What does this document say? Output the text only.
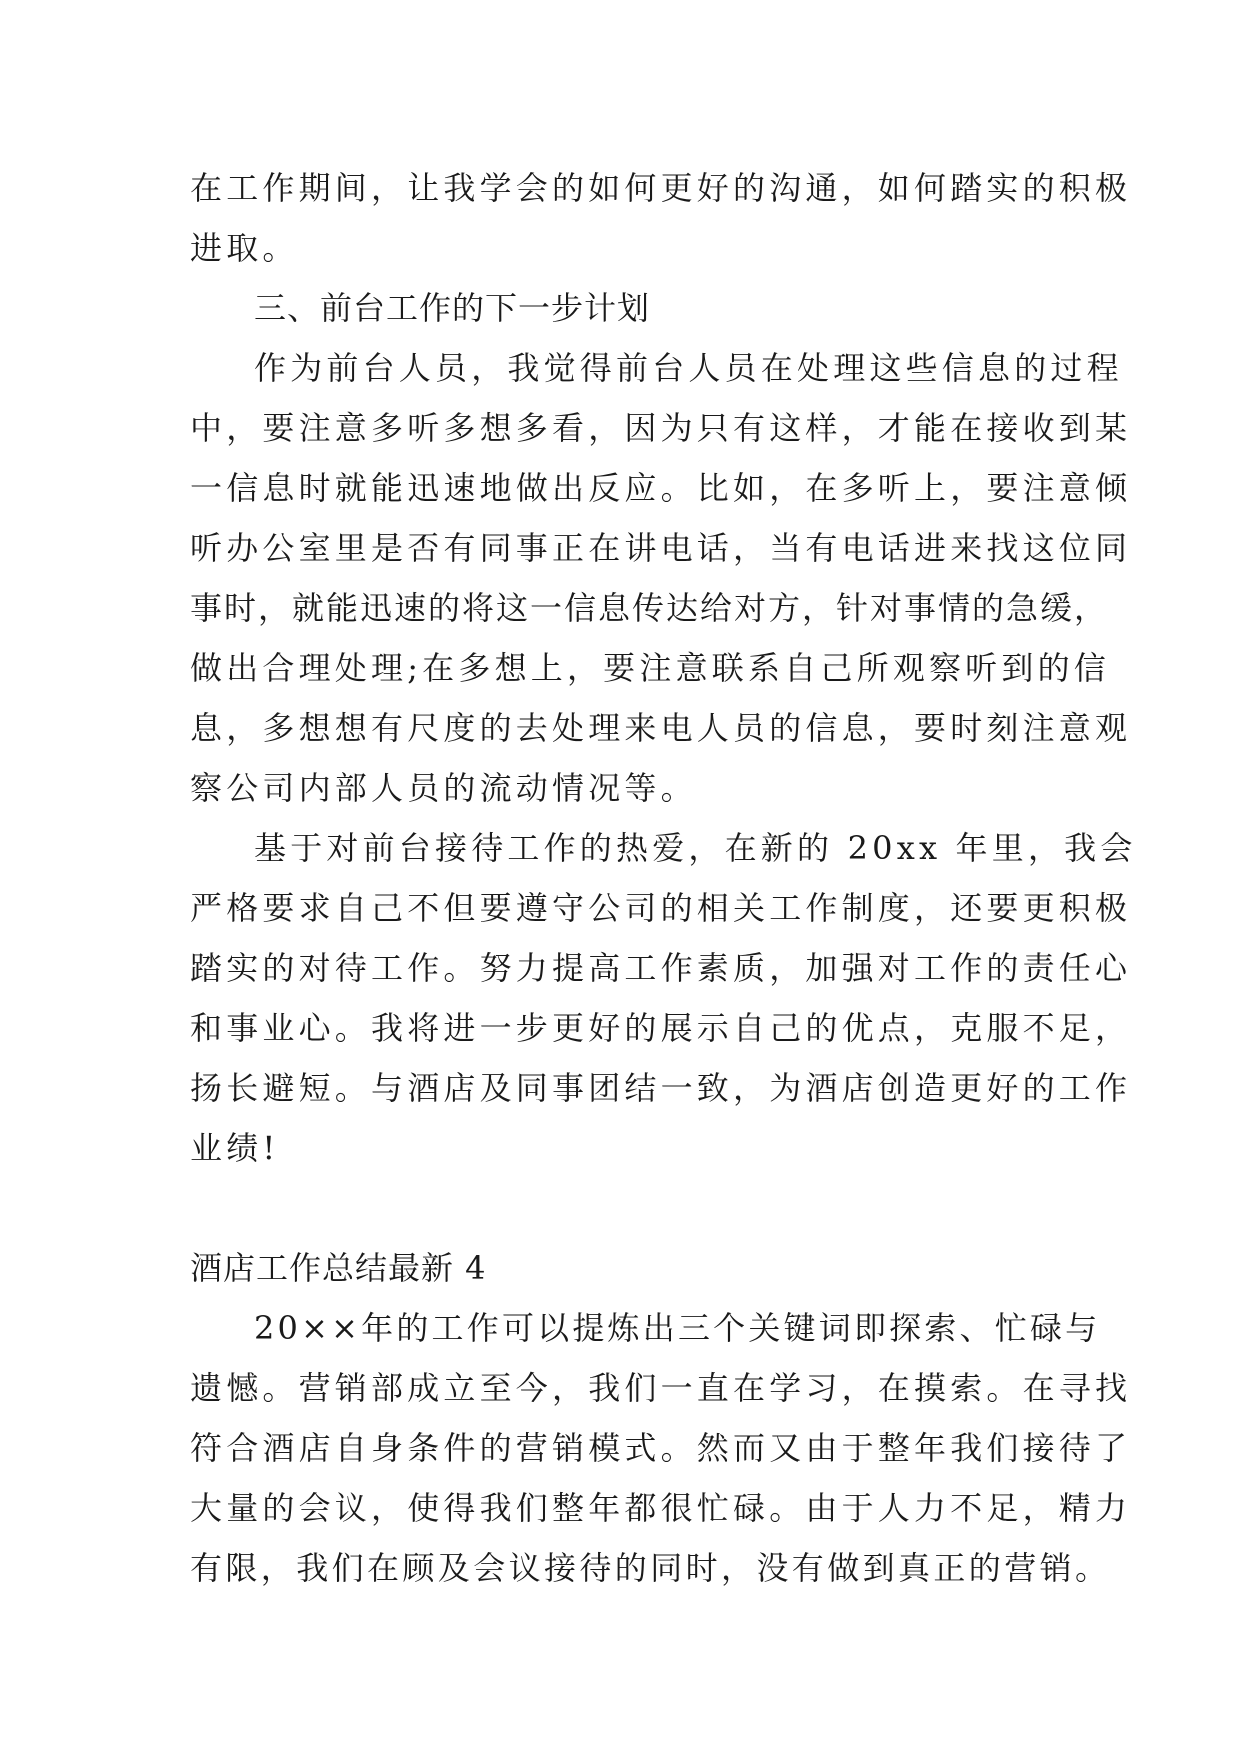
在工作期间，让我学会的如何更好的沟通，如何踏实的积极
进取。
三、前台工作的下一步计划
作为前台人员，我觉得前台人员在处理这些信息的过程
中，要注意多听多想多看，因为只有这样，才能在接收到某
一信息时就能迅速地做出反应。比如，在多听上，要注意倾
听办公室里是否有同事正在讲电话，当有电话进来找这位同
事时，就能迅速的将这一信息传达给对方，针对事情的急缓，
做出合理处理;在多想上，要注意联系自己所观察听到的信
息，多想想有尺度的去处理来电人员的信息，要时刻注意观
察公司内部人员的流动情况等。
基于对前台接待工作的热爱，在新的 20xx 年里，我会
严格要求自己不但要遵守公司的相关工作制度，还要更积极
踏实的对待工作。努力提高工作素质，加强对工作的责任心
和事业心。我将进一步更好的展示自己的优点，克服不足，
扬长避短。与酒店及同事团结一致，为酒店创造更好的工作
业绩!
酒店工作总结最新 4
20××年的工作可以提炼出三个关键词即探索、忙碌与
遗憾。营销部成立至今，我们一直在学习，在摸索。在寻找
符合酒店自身条件的营销模式。然而又由于整年我们接待了
大量的会议，使得我们整年都很忙碌。由于人力不足，精力
有限，我们在顾及会议接待的同时，没有做到真正的营销。
